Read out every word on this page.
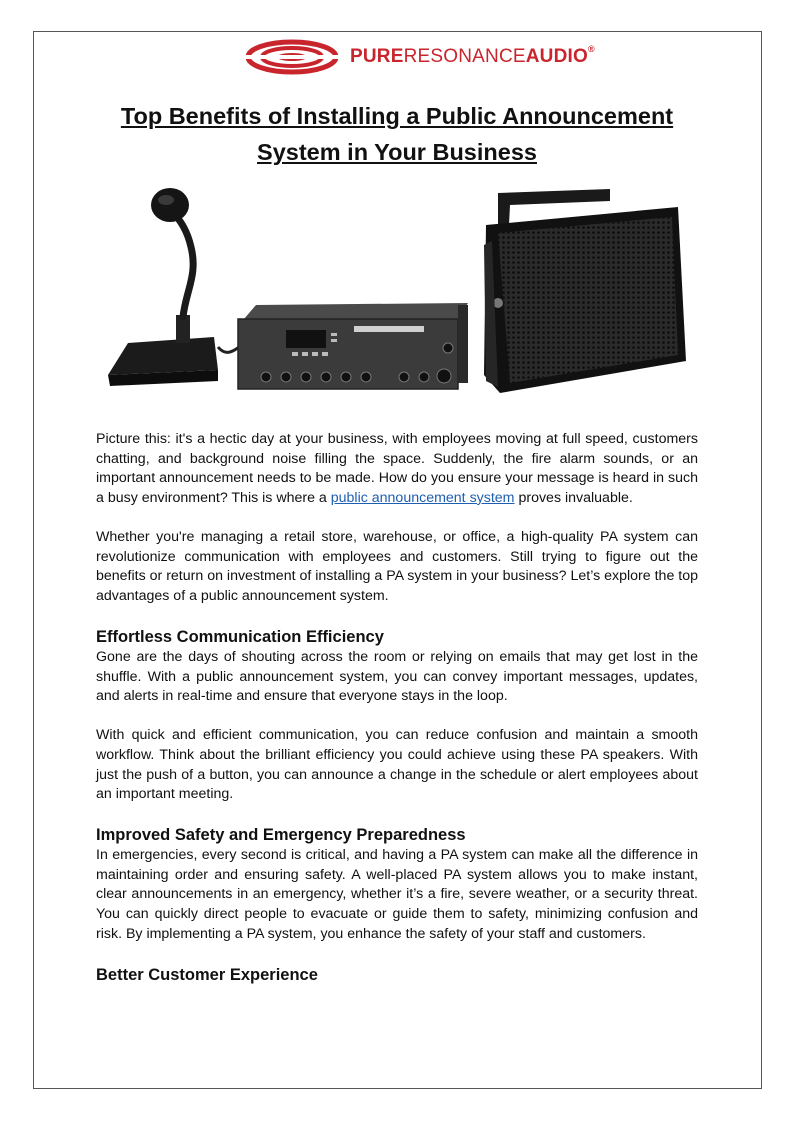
PURERESONANCEAUDIO®
Top Benefits of Installing a Public Announcement System in Your Business

Picture this: it's a hectic day at your business, with employees moving at full speed, customers chatting, and background noise filling the space. Suddenly, the fire alarm sounds, or an important announcement needs to be made. How do you ensure your message is heard in such a busy environment? This is where a public announcement system proves invaluable.

Whether you're managing a retail store, warehouse, or office, a high-quality PA system can revolutionize communication with employees and customers. Still trying to figure out the benefits or return on investment of installing a PA system in your business? Let’s explore the top advantages of a public announcement system.

Effortless Communication Efficiency

Gone are the days of shouting across the room or relying on emails that may get lost in the shuffle. With a public announcement system, you can convey important messages, updates, and alerts in real-time and ensure that everyone stays in the loop.

With quick and efficient communication, you can reduce confusion and maintain a smooth workflow. Think about the brilliant efficiency you could achieve using these PA speakers. With just the push of a button, you can announce a change in the schedule or alert employees about an important meeting.

Improved Safety and Emergency Preparedness

In emergencies, every second is critical, and having a PA system can make all the difference in maintaining order and ensuring safety. A well-placed PA system allows you to make instant, clear announcements in an emergency, whether it’s a fire, severe weather, or a security threat. You can quickly direct people to evacuate or guide them to safety, minimizing confusion and risk. By implementing a PA system, you enhance the safety of your staff and customers.

Better Customer Experience
